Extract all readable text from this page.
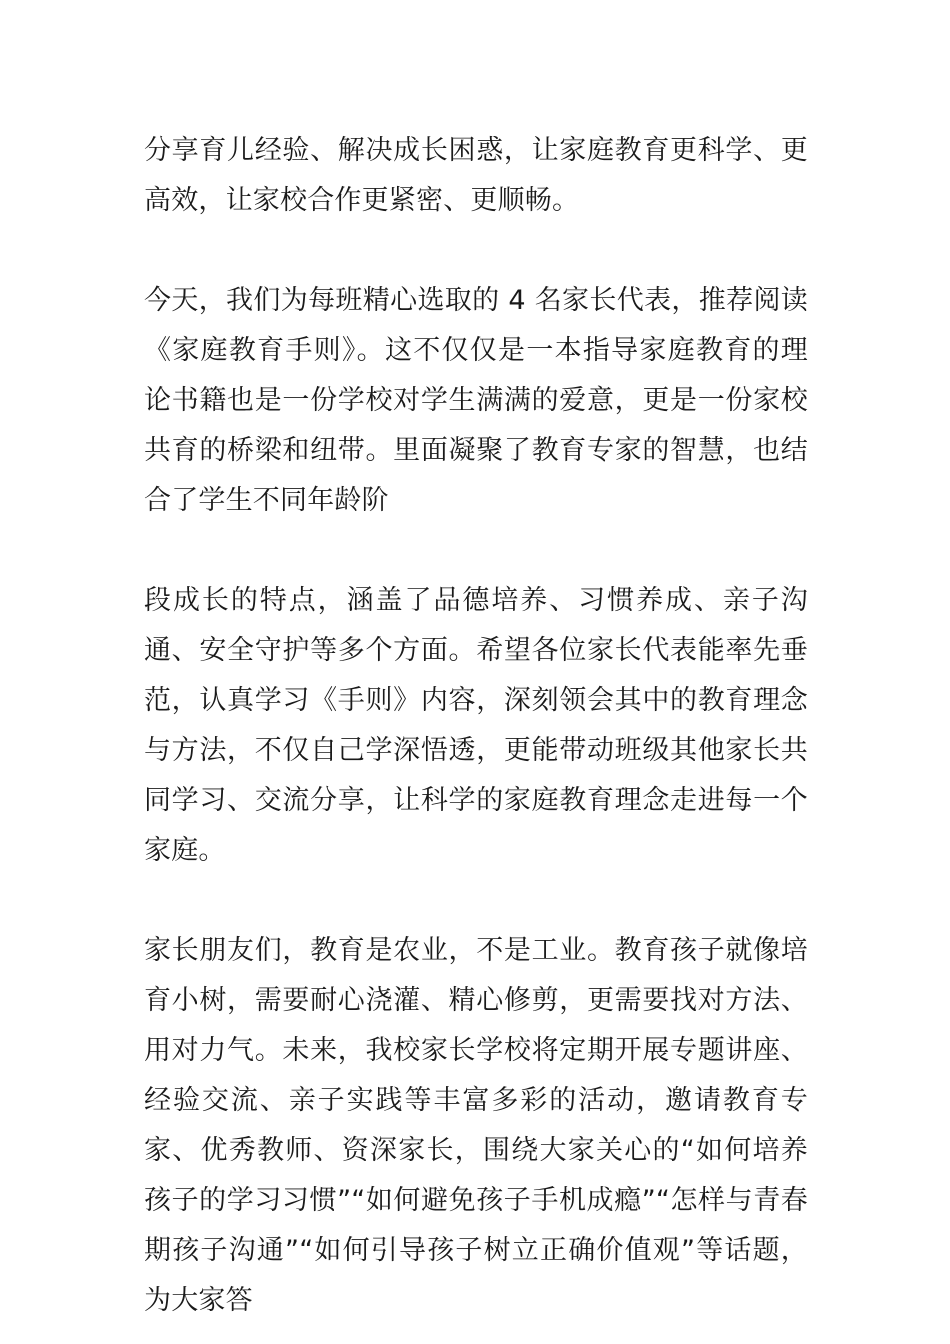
分享育儿经验、解决成长困惑，让家庭教育更科学、更高效，让家校合作更紧密、更顺畅。

今天，我们为每班精心选取的 4 名家长代表，推荐阅读《家庭教育手则》。这不仅仅是一本指导家庭教育的理论书籍也是一份学校对学生满满的爱意，更是一份家校共育的桥梁和纽带。里面凝聚了教育专家的智慧，也结合了学生不同年龄阶

段成长的特点，涵盖了品德培养、习惯养成、亲子沟通、安全守护等多个方面。希望各位家长代表能率先垂范，认真学习《手则》内容，深刻领会其中的教育理念与方法，不仅自己学深悟透，更能带动班级其他家长共同学习、交流分享，让科学的家庭教育理念走进每一个家庭。

家长朋友们，教育是农业，不是工业。教育孩子就像培育小树，需要耐心浇灌、精心修剪，更需要找对方法、用对力气。未来，我校家长学校将定期开展专题讲座、经验交流、亲子实践等丰富多彩的活动，邀请教育专家、优秀教师、资深家长，围绕大家关心的“如何培养孩子的学习习惯”“如何避免孩子手机成瘾”“怎样与青春期孩子沟通”“如何引导孩子树立正确价值观”等话题，为大家答
